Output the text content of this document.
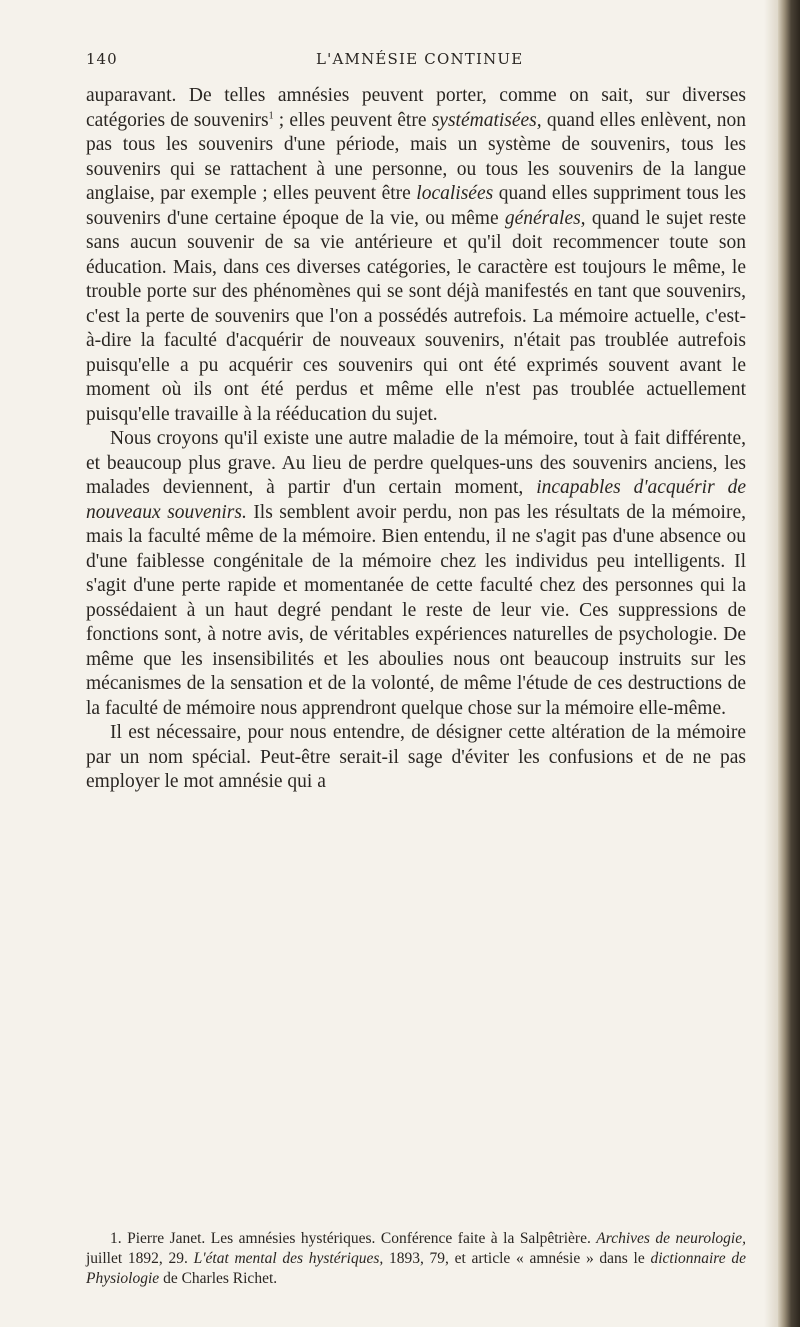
140	L'AMNÉSIE CONTINUE

auparavant. De telles amnésies peuvent porter, comme on sait, sur diverses catégories de souvenirs$^1$ ; elles peuvent être systématisées, quand elles enlèvent, non pas tous les souvenirs d'une période, mais un système de souvenirs, tous les souvenirs qui se rattachent à une personne, ou tous les souvenirs de la langue anglaise, par exemple ; elles peuvent être localisées quand elles suppriment tous les souvenirs d'une certaine époque de la vie, ou même générales, quand le sujet reste sans aucun souvenir de sa vie antérieure et qu'il doit recommencer toute son éducation. Mais, dans ces diverses catégories, le caractère est toujours le même, le trouble porte sur des phénomènes qui se sont déjà manifestés en tant que souvenirs, c'est la perte de souvenirs que l'on a possédés autrefois. La mémoire actuelle, c'est-à-dire la faculté d'acquérir de nouveaux souvenirs, n'était pas troublée autrefois puisqu'elle a pu acquérir ces souvenirs qui ont été exprimés souvent avant le moment où ils ont été perdus et même elle n'est pas troublée actuellement puisqu'elle travaille à la rééducation du sujet.

Nous croyons qu'il existe une autre maladie de la mémoire, tout à fait différente, et beaucoup plus grave. Au lieu de perdre quelques-uns des souvenirs anciens, les malades deviennent, à partir d'un certain moment, incapables d'acquérir de nouveaux souvenirs. Ils semblent avoir perdu, non pas les résultats de la mémoire, mais la faculté même de la mémoire. Bien entendu, il ne s'agit pas d'une absence ou d'une faiblesse congénitale de la mémoire chez les individus peu intelligents. Il s'agit d'une perte rapide et momentanée de cette faculté chez des personnes qui la possédaient à un haut degré pendant le reste de leur vie. Ces suppressions de fonctions sont, à notre avis, de véritables expériences naturelles de psychologie. De même que les insensibilités et les aboulies nous ont beaucoup instruits sur les mécanismes de la sensation et de la volonté, de même l'étude de ces destructions de la faculté de mémoire nous apprendront quelque chose sur la mémoire elle-même.

Il est nécessaire, pour nous entendre, de désigner cette altération de la mémoire par un nom spécial. Peut-être serait-il sage d'éviter les confusions et de ne pas employer le mot amnésie qui a

1. Pierre Janet. Les amnésies hystériques. Conférence faite à la Salpêtrière. Archives de neurologie, juillet 1892, 29. L'état mental des hystériques, 1893, 79, et article « amnésie » dans le dictionnaire de Physiologie de Charles Richet.
